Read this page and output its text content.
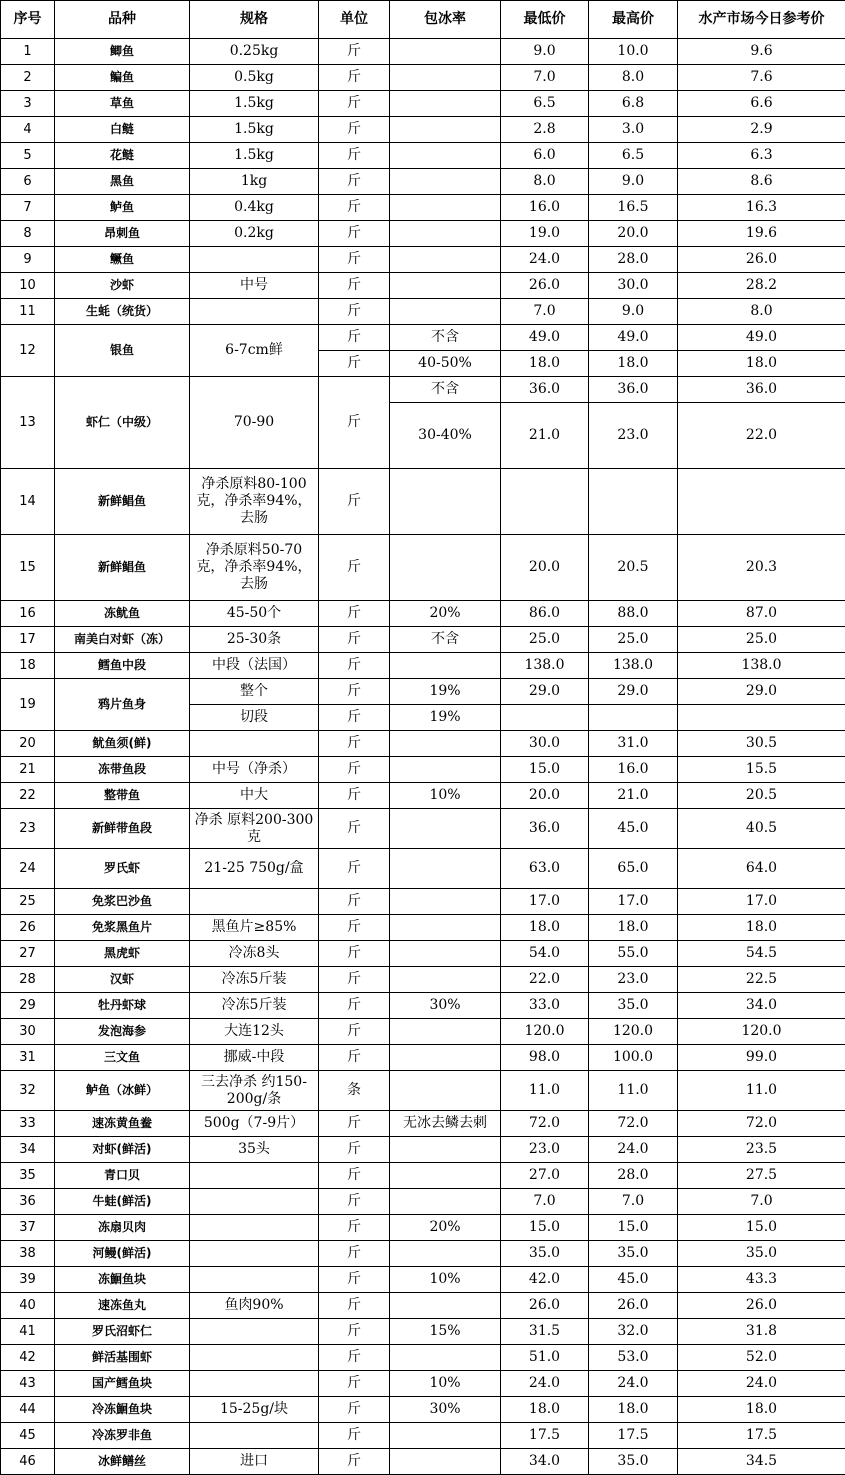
序号	品种	规格	单位	包冰率	最低价	最高价	水产市场今日参考价
1	鲫鱼	0.25kg	斤		9.0	10.0	9.6
2	鳊鱼	0.5kg	斤		7.0	8.0	7.6
3	草鱼	1.5kg	斤		6.5	6.8	6.6
4	白鲢	1.5kg	斤		2.8	3.0	2.9
5	花鲢	1.5kg	斤		6.0	6.5	6.3
6	黑鱼	1kg	斤		8.0	9.0	8.6
7	鲈鱼	0.4kg	斤		16.0	16.5	16.3
8	昂刺鱼	0.2kg	斤		19.0	20.0	19.6
9	鳜鱼		斤		24.0	28.0	26.0
10	沙虾	中号	斤		26.0	30.0	28.2
11	生蚝（统货）		斤		7.0	9.0	8.0
12	银鱼	6-7cm鲜	斤	不含	49.0	49.0	49.0
			斤	40-50%	18.0	18.0	18.0
13	虾仁（中级）	70-90	斤	不含	36.0	36.0	36.0
				30-40%	21.0	23.0	22.0
14	新鲜鲳鱼	净杀原料80-100克，净杀率94%，去肠	斤				
15	新鲜鲳鱼	净杀原料50-70克，净杀率94%，去肠	斤		20.0	20.5	20.3
16	冻鱿鱼	45-50个	斤	20%	86.0	88.0	87.0
17	南美白对虾（冻）	25-30条	斤	不含	25.0	25.0	25.0
18	鳕鱼中段	中段（法国）	斤		138.0	138.0	138.0
19	鸦片鱼身	整个	斤	19%	29.0	29.0	29.0
		切段	斤	19%			
20	鱿鱼须(鲜)		斤		30.0	31.0	30.5
21	冻带鱼段	中号（净杀）	斤		15.0	16.0	15.5
22	整带鱼	中大	斤	10%	20.0	21.0	20.5
23	新鲜带鱼段	净杀 原料200-300克	斤		36.0	45.0	40.5
24	罗氏虾	21-25 750g/盒	斤		63.0	65.0	64.0
25	免浆巴沙鱼		斤		17.0	17.0	17.0
26	免浆黑鱼片	黑鱼片≥85%	斤		18.0	18.0	18.0
27	黑虎虾	冷冻8头	斤		54.0	55.0	54.5
28	汉虾	冷冻5斤装	斤		22.0	23.0	22.5
29	牡丹虾球	冷冻5斤装	斤	30%	33.0	35.0	34.0
30	发泡海参	大连12头	斤		120.0	120.0	120.0
31	三文鱼	挪威-中段	斤		98.0	100.0	99.0
32	鲈鱼（冰鲜）	三去净杀 约150-200g/条	条		11.0	11.0	11.0
33	速冻黄鱼鲞	500g（7-9片）	斤	无冰去鳞去刺	72.0	72.0	72.0
34	对虾(鲜活)	35头	斤		23.0	24.0	23.5
35	青口贝		斤		27.0	28.0	27.5
36	牛蛙(鲜活)		斤		7.0	7.0	7.0
37	冻扇贝肉		斤	20%	15.0	15.0	15.0
38	河鳗(鲜活)		斤		35.0	35.0	35.0
39	冻鮰鱼块		斤	10%	42.0	45.0	43.3
40	速冻鱼丸	鱼肉90%	斤		26.0	26.0	26.0
41	罗氏沼虾仁		斤	15%	31.5	32.0	31.8
42	鲜活基围虾		斤		51.0	53.0	52.0
43	国产鳕鱼块		斤	10%	24.0	24.0	24.0
44	冷冻鮰鱼块	15-25g/块	斤	30%	18.0	18.0	18.0
45	冷冻罗非鱼		斤		17.5	17.5	17.5
46	冰鲜鳝丝	进口	斤		34.0	35.0	34.5
